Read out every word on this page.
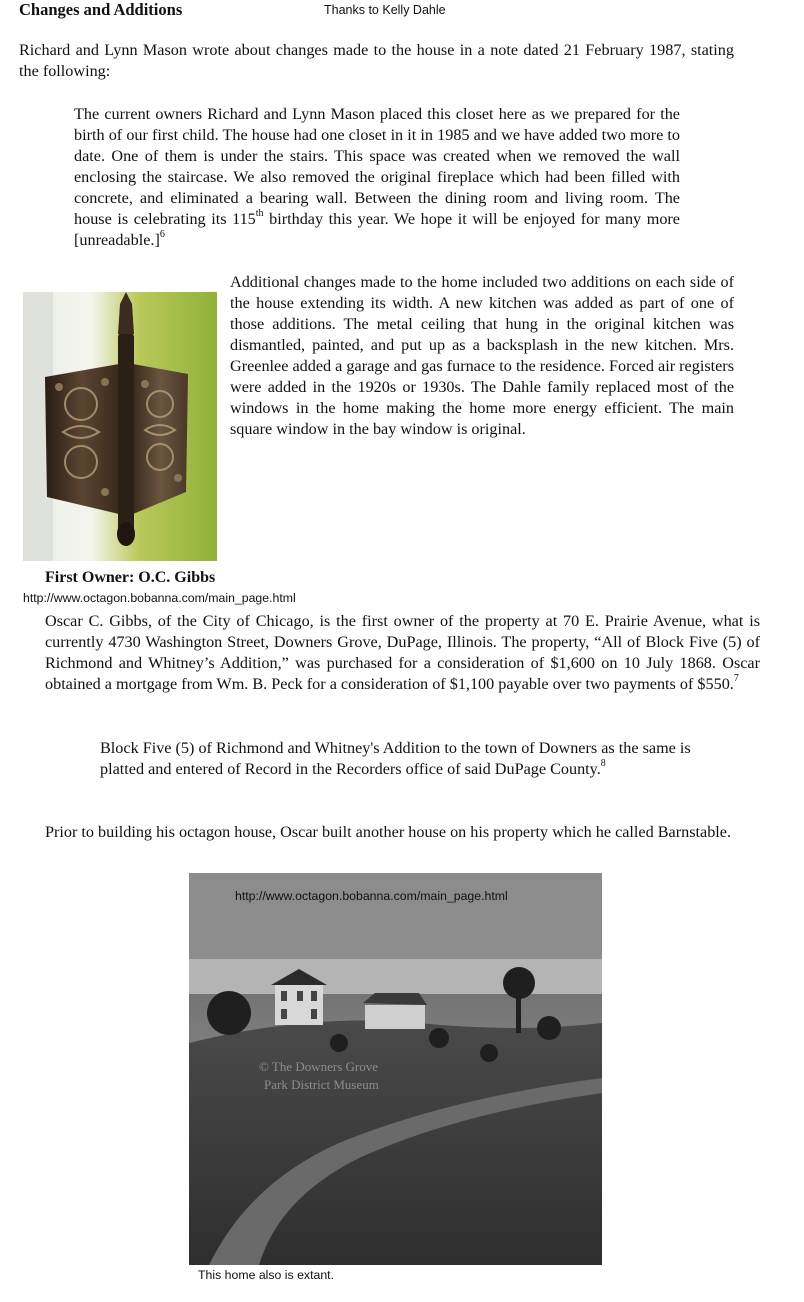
Changes and Additions	Thanks to Kelly Dahle
Richard and Lynn Mason wrote about changes made to the house in a note dated 21 February 1987, stating the following:
The current owners Richard and Lynn Mason placed this closet here as we prepared for the birth of our first child. The house had one closet in it in 1985 and we have added two more to date. One of them is under the stairs. This space was created when we removed the wall enclosing the staircase. We also removed the original fireplace which had been filled with concrete, and eliminated a bearing wall. Between the dining room and living room. The house is celebrating its 115th birthday this year. We hope it will be enjoyed for many more [unreadable.]$^6$
Additional changes made to the home included two additions on each side of the house extending its width. A new kitchen was added as part of one of those additions. The metal ceiling that hung in the original kitchen was dismantled, painted, and put up as a backsplash in the new kitchen. Mrs. Greenlee added a garage and gas furnace to the residence. Forced air registers were added in the 1920s or 1930s. The Dahle family replaced most of the windows in the home making the home more energy efficient. The main square window in the bay window is original.
First Owner: O.C. Gibbs
http://www.octagon.bobanna.com/main_page.html
Oscar C. Gibbs, of the City of Chicago, is the first owner of the property at 70 E. Prairie Avenue, what is currently 4730 Washington Street, Downers Grove, DuPage, Illinois. The property, “All of Block Five (5) of Richmond and Whitney’s Addition,” was purchased for a consideration of $1,600 on 10 July 1868. Oscar obtained a mortgage from Wm. B. Peck for a consideration of $1,100 payable over two payments of $550.$^7$
Block Five (5) of Richmond and Whitney's Addition to the town of Downers as the same is platted and entered of Record in the Recorders office of said DuPage County.$^8$
Prior to building his octagon house, Oscar built another house on his property which he called Barnstable.
© The Downers Grove
Park District Museum
http://www.octagon.bobanna.com/main_page.html
This home also is extant.
